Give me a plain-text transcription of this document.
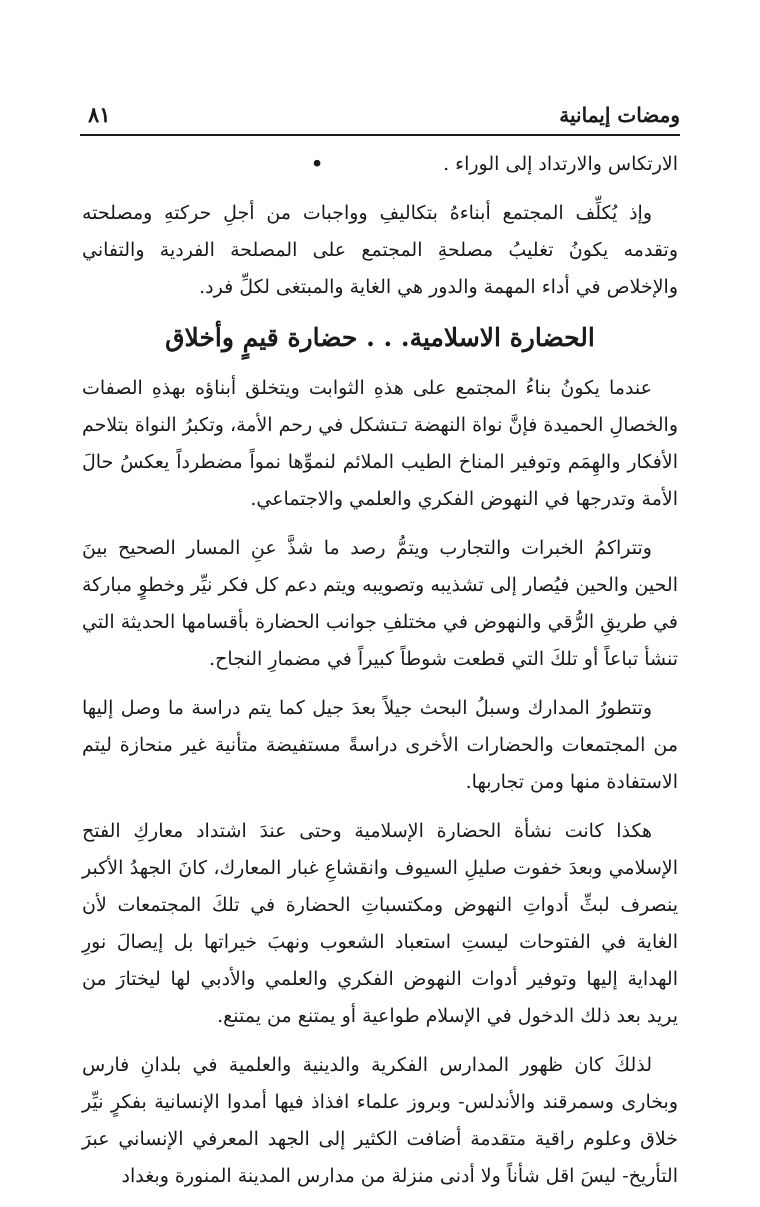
ومضات إيمانية
٨١

الارتكاس والارتداد إلى الوراء .•

وإذ يُكلِّف المجتمع أبناءهُ بتكاليفِ وواجبات من أجلِ حركتهِ ومصلحته وتقدمه يكونُ تغليبُ مصلحةِ المجتمع على المصلحة الفردية والتفاني والإخلاص في أداء المهمة والدور هي الغاية والمبتغى لكلِّ فرد.

الحضارة الاسلامية. . . حضارة قيمٍ وأخلاق

عندما يكونُ بناءُ المجتمع على هذهِ الثوابت ويتخلق أبناؤه بهذهِ الصفات والخصالِ الحميدة فإنَّ نواة النهضة تـتشكل في رحم الأمة، وتكبرُ النواة بتلاحم الأفكار والهِمَم وتوفير المناخ الطيب الملائم لنموِّها نمواً مضطرداً يعكسُ حالَ الأمة وتدرجها في النهوض الفكري والعلمي والاجتماعي.

وتتراكمُ الخبرات والتجارب ويتمُّ رصد ما شذَّ عنِ المسار الصحيح بينَ الحين والحين فيُصار إلى تشذيبه وتصويبه ويتم دعم كل فكر نيِّر وخطوٍ مباركة في طريقِ الرُّقي والنهوض في مختلفِ جوانب الحضارة بأقسامها الحديثة التي تنشأ تباعاً أو تلكَ التي قطعت شوطاً كبيراً في مضمارِ النجاح.

وتتطورُ المدارك وسبلُ البحث جيلاً بعدَ جيل كما يتم دراسة ما وصل إليها من المجتمعات والحضارات الأخرى دراسةً مستفيضة متأنية غير منحازة ليتم الاستفادة منها ومن تجاربها.

هكذا كانت نشأة الحضارة الإسلامية وحتى عندَ اشتداد معاركِ الفتح الإسلامي وبعدَ خفوت صليلِ السيوف وانقشاعِ غبار المعارك، كانَ الجهدُ الأكبر ينصرف لبثِّ أدواتِ النهوض ومكتسباتِ الحضارة في تلكَ المجتمعات لأن الغاية في الفتوحات ليستِ استعباد الشعوب ونهبَ خيراتها بل إيصالَ نورِ الهداية إليها وتوفير أدوات النهوض الفكري والعلمي والأدبي لها ليختارَ من يريد بعد ذلك الدخول في الإسلام طواعية أو يمتنع من يمتنع.

لذلكَ كان ظهور المدارس الفكرية والدينية والعلمية في بلدانِ فارس وبخارى وسمرقند والأندلس- وبروز علماء افذاذ فيها أمدوا الإنسانية بفكرٍ نيِّر خلاق وعلوم راقية متقدمة أضافت الكثير إلى الجهد المعرفي الإنساني عبرَ التأريخ- ليسَ اقل شأناً ولا أدنى منزلة من مدارس المدينة المنورة وبغداد
